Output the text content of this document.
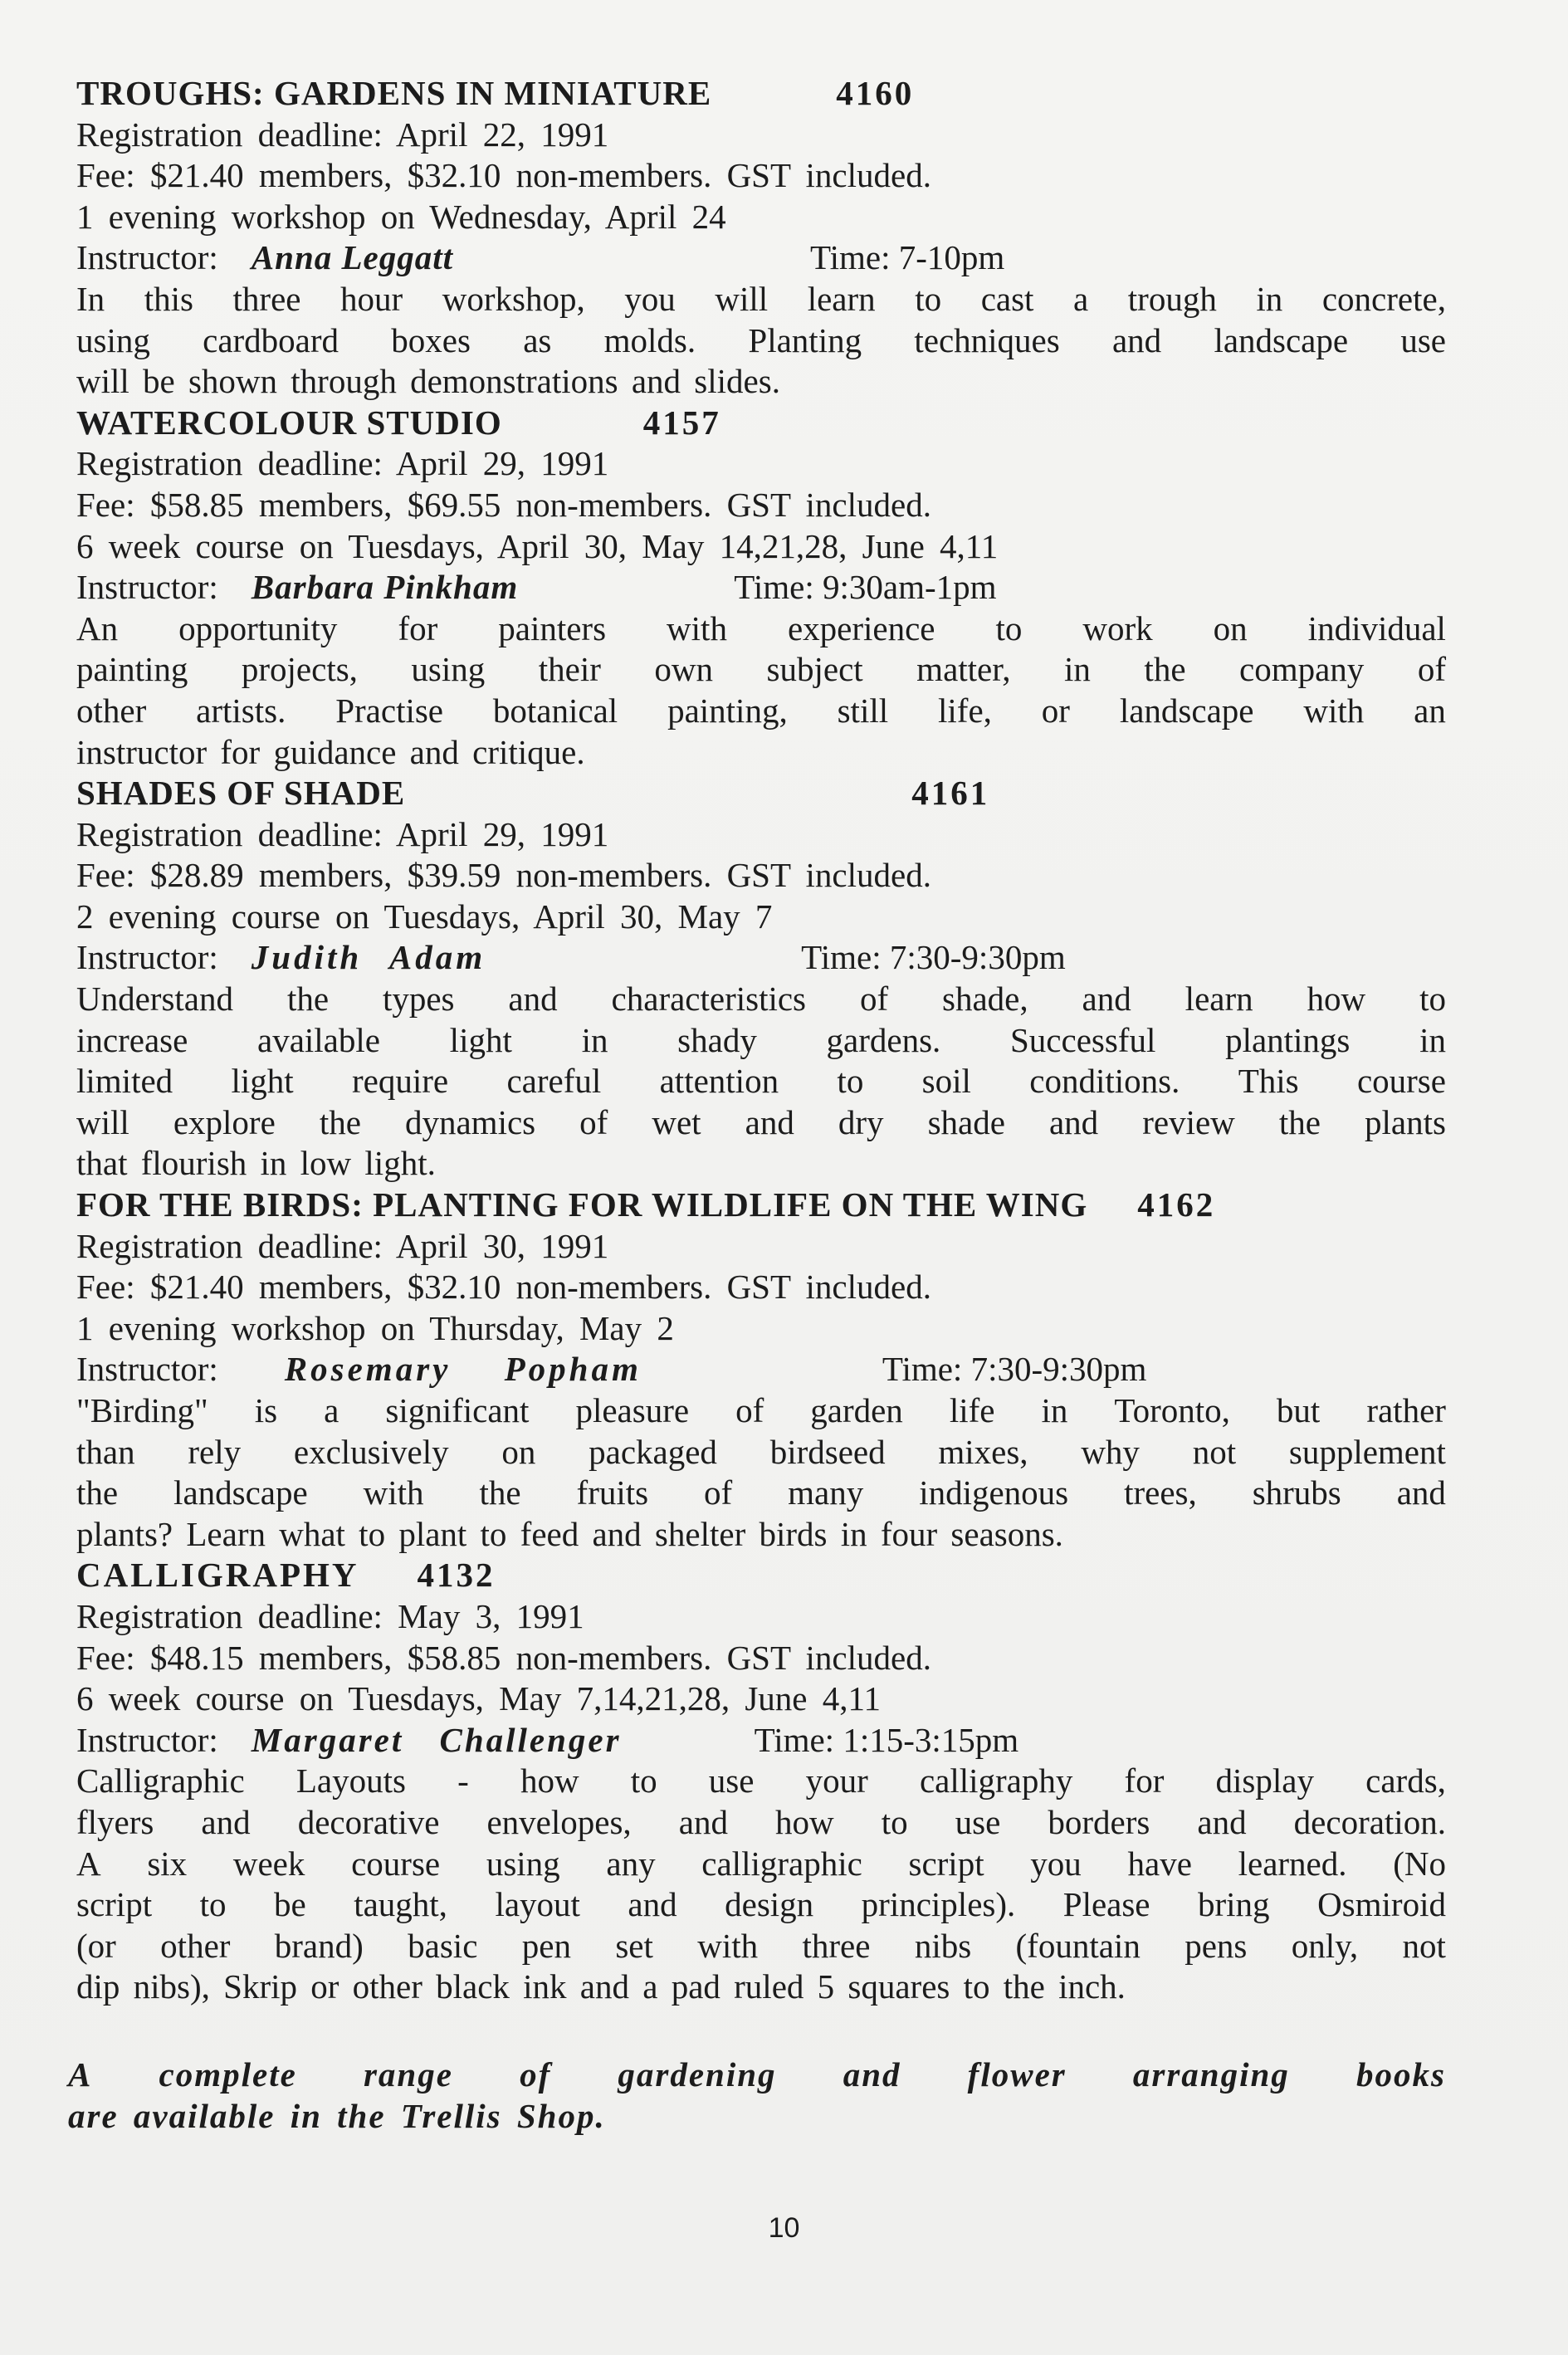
TROUGHS: GARDENS IN MINIATURE	4160
Registration deadline: April 22, 1991
Fee: $21.40 members, $32.10 non-members. GST included.
1 evening workshop on Wednesday, April 24
Instructor: Anna Leggatt	Time: 7-10pm
In this three hour workshop, you will learn to cast a trough in concrete,
using cardboard boxes as molds. Planting techniques and landscape use
will be shown through demonstrations and slides.
WATERCOLOUR STUDIO	4157
Registration deadline: April 29, 1991
Fee: $58.85 members, $69.55 non-members. GST included.
6 week course on Tuesdays, April 30, May 14,21,28, June 4,11
Instructor: Barbara Pinkham	Time: 9:30am-1pm
An opportunity for painters with experience to work on individual
painting projects, using their own subject matter, in the company of
other artists. Practise botanical painting, still life, or landscape with an
instructor for guidance and critique.
SHADES OF SHADE	4161
Registration deadline: April 29, 1991
Fee: $28.89 members, $39.59 non-members. GST included.
2 evening course on Tuesdays, April 30, May 7
Instructor: Judith Adam	Time: 7:30-9:30pm
Understand the types and characteristics of shade, and learn how to
increase available light in shady gardens. Successful plantings in
limited light require careful attention to soil conditions. This course
will explore the dynamics of wet and dry shade and review the plants
that flourish in low light.
FOR THE BIRDS: PLANTING FOR WILDLIFE ON THE WING 4162
Registration deadline: April 30, 1991
Fee: $21.40 members, $32.10 non-members. GST included.
1 evening workshop on Thursday, May 2
Instructor: Rosemary Popham	Time: 7:30-9:30pm
"Birding" is a significant pleasure of garden life in Toronto, but rather
than rely exclusively on packaged birdseed mixes, why not supplement
the landscape with the fruits of many indigenous trees, shrubs and
plants? Learn what to plant to feed and shelter birds in four seasons.
CALLIGRAPHY 4132
Registration deadline: May 3, 1991
Fee: $48.15 members, $58.85 non-members. GST included.
6 week course on Tuesdays, May 7,14,21,28, June 4,11
Instructor: Margaret Challenger	Time: 1:15-3:15pm
Calligraphic Layouts - how to use your calligraphy for display cards,
flyers and decorative envelopes, and how to use borders and decoration.
A six week course using any calligraphic script you have learned. (No
script to be taught, layout and design principles). Please bring Osmiroid
(or other brand) basic pen set with three nibs (fountain pens only, not
dip nibs), Skrip or other black ink and a pad ruled 5 squares to the inch.
A complete range of gardening and flower arranging books
are available in the Trellis Shop.
10
